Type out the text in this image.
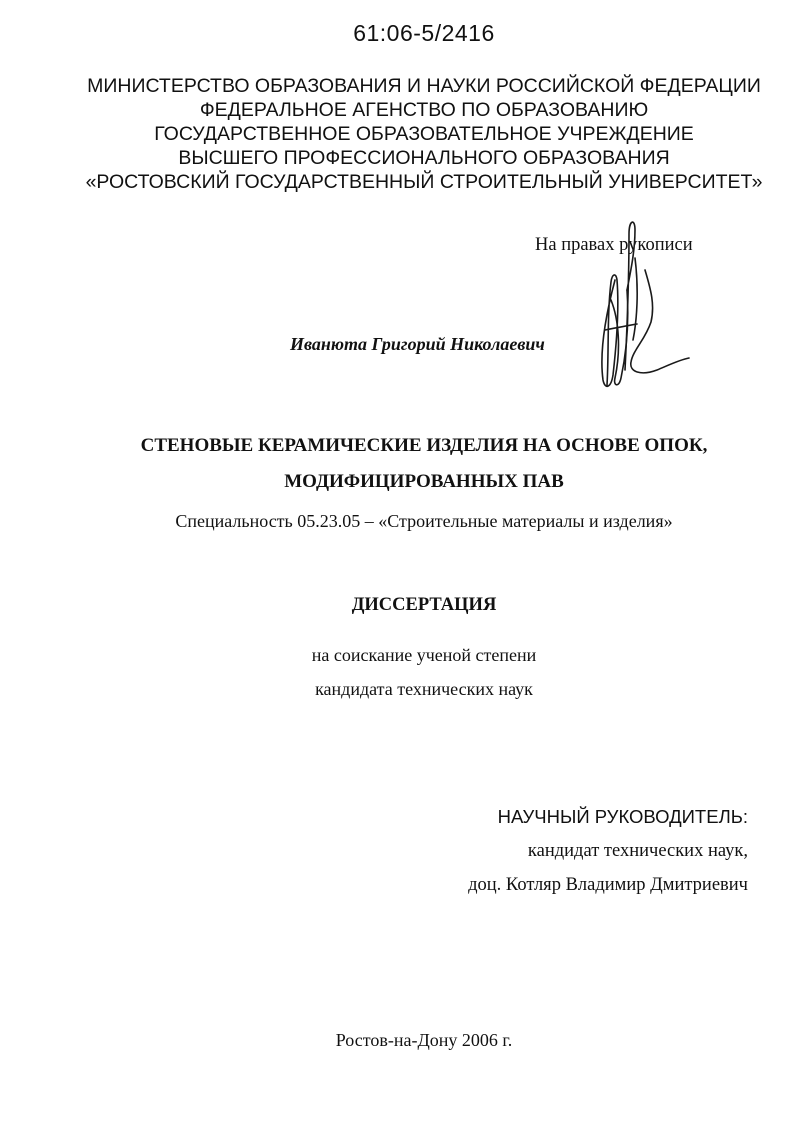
61:06-5/2416
МИНИСТЕРСТВО ОБРАЗОВАНИЯ И НАУКИ РОССИЙСКОЙ ФЕДЕРАЦИИ
ФЕДЕРАЛЬНОЕ АГЕНСТВО ПО ОБРАЗОВАНИЮ
ГОСУДАРСТВЕННОЕ ОБРАЗОВАТЕЛЬНОЕ УЧРЕЖДЕНИЕ
ВЫСШЕГО ПРОФЕССИОНАЛЬНОГО ОБРАЗОВАНИЯ
«РОСТОВСКИЙ ГОСУДАРСТВЕННЫЙ СТРОИТЕЛЬНЫЙ УНИВЕРСИТЕТ»
На правах рукописи
Иванюта Григорий Николаевич
СТЕНОВЫЕ КЕРАМИЧЕСКИЕ ИЗДЕЛИЯ НА ОСНОВЕ ОПОК,
МОДИФИЦИРОВАННЫХ ПАВ
Специальность 05.23.05 – «Строительные материалы и изделия»
ДИССЕРТАЦИЯ
на соискание ученой степени
кандидата технических наук
НАУЧНЫЙ РУКОВОДИТЕЛЬ:
кандидат технических наук,
доц. Котляр Владимир Дмитриевич
Ростов-на-Дону 2006 г.
